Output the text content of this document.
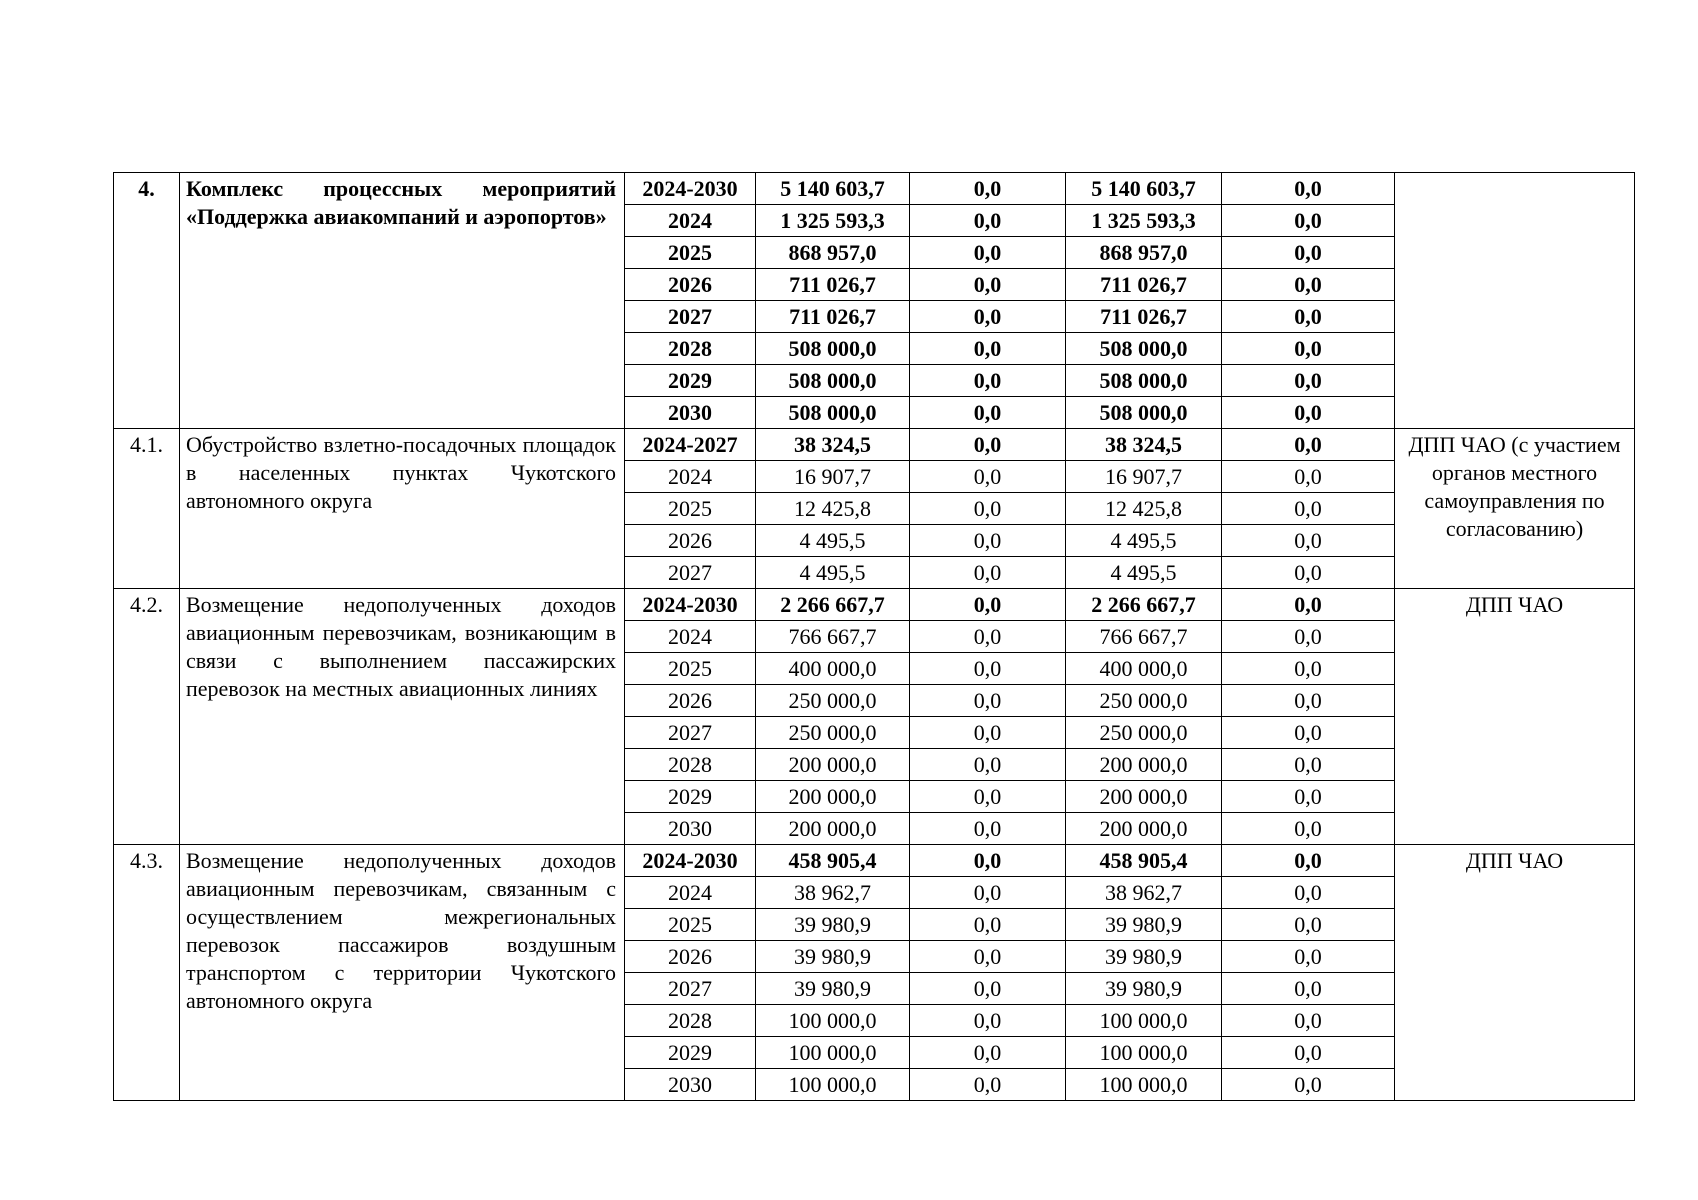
4.	Комплекс процессных мероприятий «Поддержка авиакомпаний и аэропортов»	2024-2030	5 140 603,7	0,0	5 140 603,7	0,0	
		2024	1 325 593,3	0,0	1 325 593,3	0,0	
		2025	868 957,0	0,0	868 957,0	0,0	
		2026	711 026,7	0,0	711 026,7	0,0	
		2027	711 026,7	0,0	711 026,7	0,0	
		2028	508 000,0	0,0	508 000,0	0,0	
		2029	508 000,0	0,0	508 000,0	0,0	
		2030	508 000,0	0,0	508 000,0	0,0	
4.1.	Обустройство взлетно-посадочных площадок в населенных пунктах Чукотского автономного округа	2024-2027	38 324,5	0,0	38 324,5	0,0	ДПП ЧАО (с участием органов местного самоуправления по согласованию)
		2024	16 907,7	0,0	16 907,7	0,0	
		2025	12 425,8	0,0	12 425,8	0,0	
		2026	4 495,5	0,0	4 495,5	0,0	
		2027	4 495,5	0,0	4 495,5	0,0	
4.2.	Возмещение недополученных доходов авиационным перевозчикам, возникающим в связи с выполнением пассажирских перевозок на местных авиационных линиях	2024-2030	2 266 667,7	0,0	2 266 667,7	0,0	ДПП ЧАО
		2024	766 667,7	0,0	766 667,7	0,0	
		2025	400 000,0	0,0	400 000,0	0,0	
		2026	250 000,0	0,0	250 000,0	0,0	
		2027	250 000,0	0,0	250 000,0	0,0	
		2028	200 000,0	0,0	200 000,0	0,0	
		2029	200 000,0	0,0	200 000,0	0,0	
		2030	200 000,0	0,0	200 000,0	0,0	
4.3.	Возмещение недополученных доходов авиационным перевозчикам, связанным с осуществлением межрегиональных перевозок пассажиров воздушным транспортом с территории Чукотского автономного округа	2024-2030	458 905,4	0,0	458 905,4	0,0	ДПП ЧАО
		2024	38 962,7	0,0	38 962,7	0,0	
		2025	39 980,9	0,0	39 980,9	0,0	
		2026	39 980,9	0,0	39 980,9	0,0	
		2027	39 980,9	0,0	39 980,9	0,0	
		2028	100 000,0	0,0	100 000,0	0,0	
		2029	100 000,0	0,0	100 000,0	0,0	
		2030	100 000,0	0,0	100 000,0	0,0	
